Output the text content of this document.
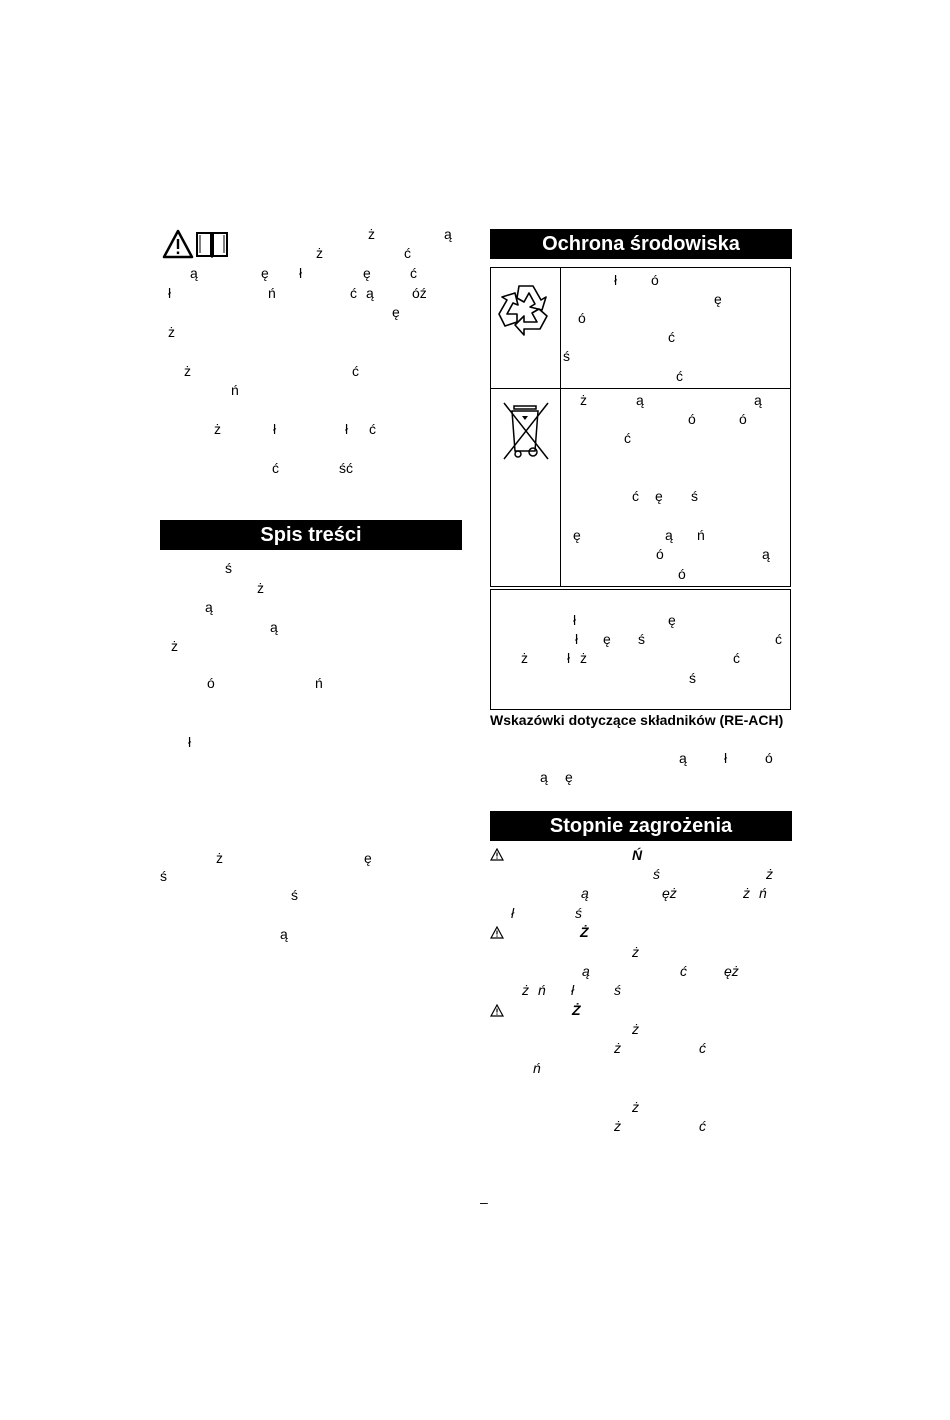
ż	ą
ż	ć
ą	ę ł	ę	ć
ł	ń	ć ą	óź
ę
ż
ż	ć
ń
ż	ł	ł ć
ć	ść
Spis treści
ś
ż
ą
ą
ż
ó	ń
ł
ż	ę
ś
ś
ą
Ochrona środowiska
ł ó
ę
ó
ć
ś
ć
ż	ą	ą
ó	ó
ć
ć ę ś
ę	ą ń
ó	ą
ó
ł	ę
ł ę ś	ć
ż	ł ż	ć
ś
Wskazówki dotyczące składników (RE-ACH)
ą	ł	ó
ą ę
Stopnie zagrożenia
Ń
ś	ż
ą	ęż	ż ń
ł	ś
Ż
ż
ą	ć	ęż
ż ń ł	ś
Ż
ż
ż	ć
ń
ż
ż	ć
–
